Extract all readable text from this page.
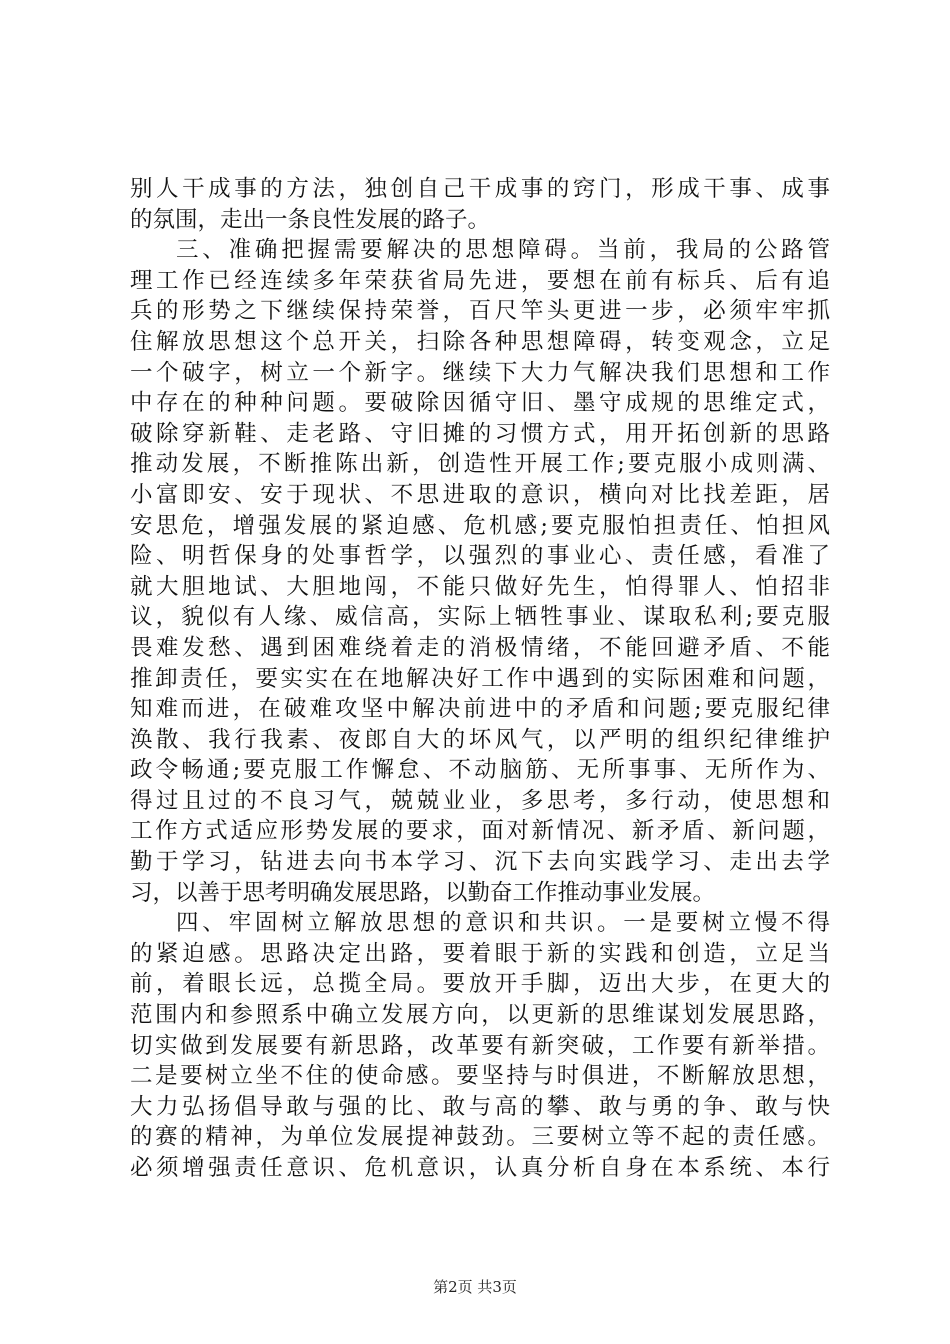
别人干成事的方法，独创自己干成事的窍门，形成干事、成事
的氛围，走出一条良性发展的路子。
三、准确把握需要解决的思想障碍。当前，我局的公路管
理工作已经连续多年荣获省局先进，要想在前有标兵、后有追
兵的形势之下继续保持荣誉，百尺竿头更进一步，必须牢牢抓
住解放思想这个总开关，扫除各种思想障碍，转变观念，立足
一个破字，树立一个新字。继续下大力气解决我们思想和工作
中存在的种种问题。要破除因循守旧、墨守成规的思维定式，
破除穿新鞋、走老路、守旧摊的习惯方式，用开拓创新的思路
推动发展，不断推陈出新，创造性开展工作;要克服小成则满、
小富即安、安于现状、不思进取的意识，横向对比找差距，居
安思危，增强发展的紧迫感、危机感;要克服怕担责任、怕担风
险、明哲保身的处事哲学，以强烈的事业心、责任感，看准了
就大胆地试、大胆地闯，不能只做好先生，怕得罪人、怕招非
议，貌似有人缘、威信高，实际上牺牲事业、谋取私利;要克服
畏难发愁、遇到困难绕着走的消极情绪，不能回避矛盾、不能
推卸责任，要实实在在地解决好工作中遇到的实际困难和问题，
知难而进，在破难攻坚中解决前进中的矛盾和问题;要克服纪律
涣散、我行我素、夜郎自大的坏风气，以严明的组织纪律维护
政令畅通;要克服工作懈怠、不动脑筋、无所事事、无所作为、
得过且过的不良习气，兢兢业业，多思考，多行动，使思想和
工作方式适应形势发展的要求，面对新情况、新矛盾、新问题，
勤于学习，钻进去向书本学习、沉下去向实践学习、走出去学
习，以善于思考明确发展思路，以勤奋工作推动事业发展。
四、牢固树立解放思想的意识和共识。一是要树立慢不得
的紧迫感。思路决定出路，要着眼于新的实践和创造，立足当
前，着眼长远，总揽全局。要放开手脚，迈出大步，在更大的
范围内和参照系中确立发展方向，以更新的思维谋划发展思路，
切实做到发展要有新思路，改革要有新突破，工作要有新举措。
二是要树立坐不住的使命感。要坚持与时俱进，不断解放思想，
大力弘扬倡导敢与强的比、敢与高的攀、敢与勇的争、敢与快
的赛的精神，为单位发展提神鼓劲。三要树立等不起的责任感。
必须增强责任意识、危机意识，认真分析自身在本系统、本行
第2页 共3页
